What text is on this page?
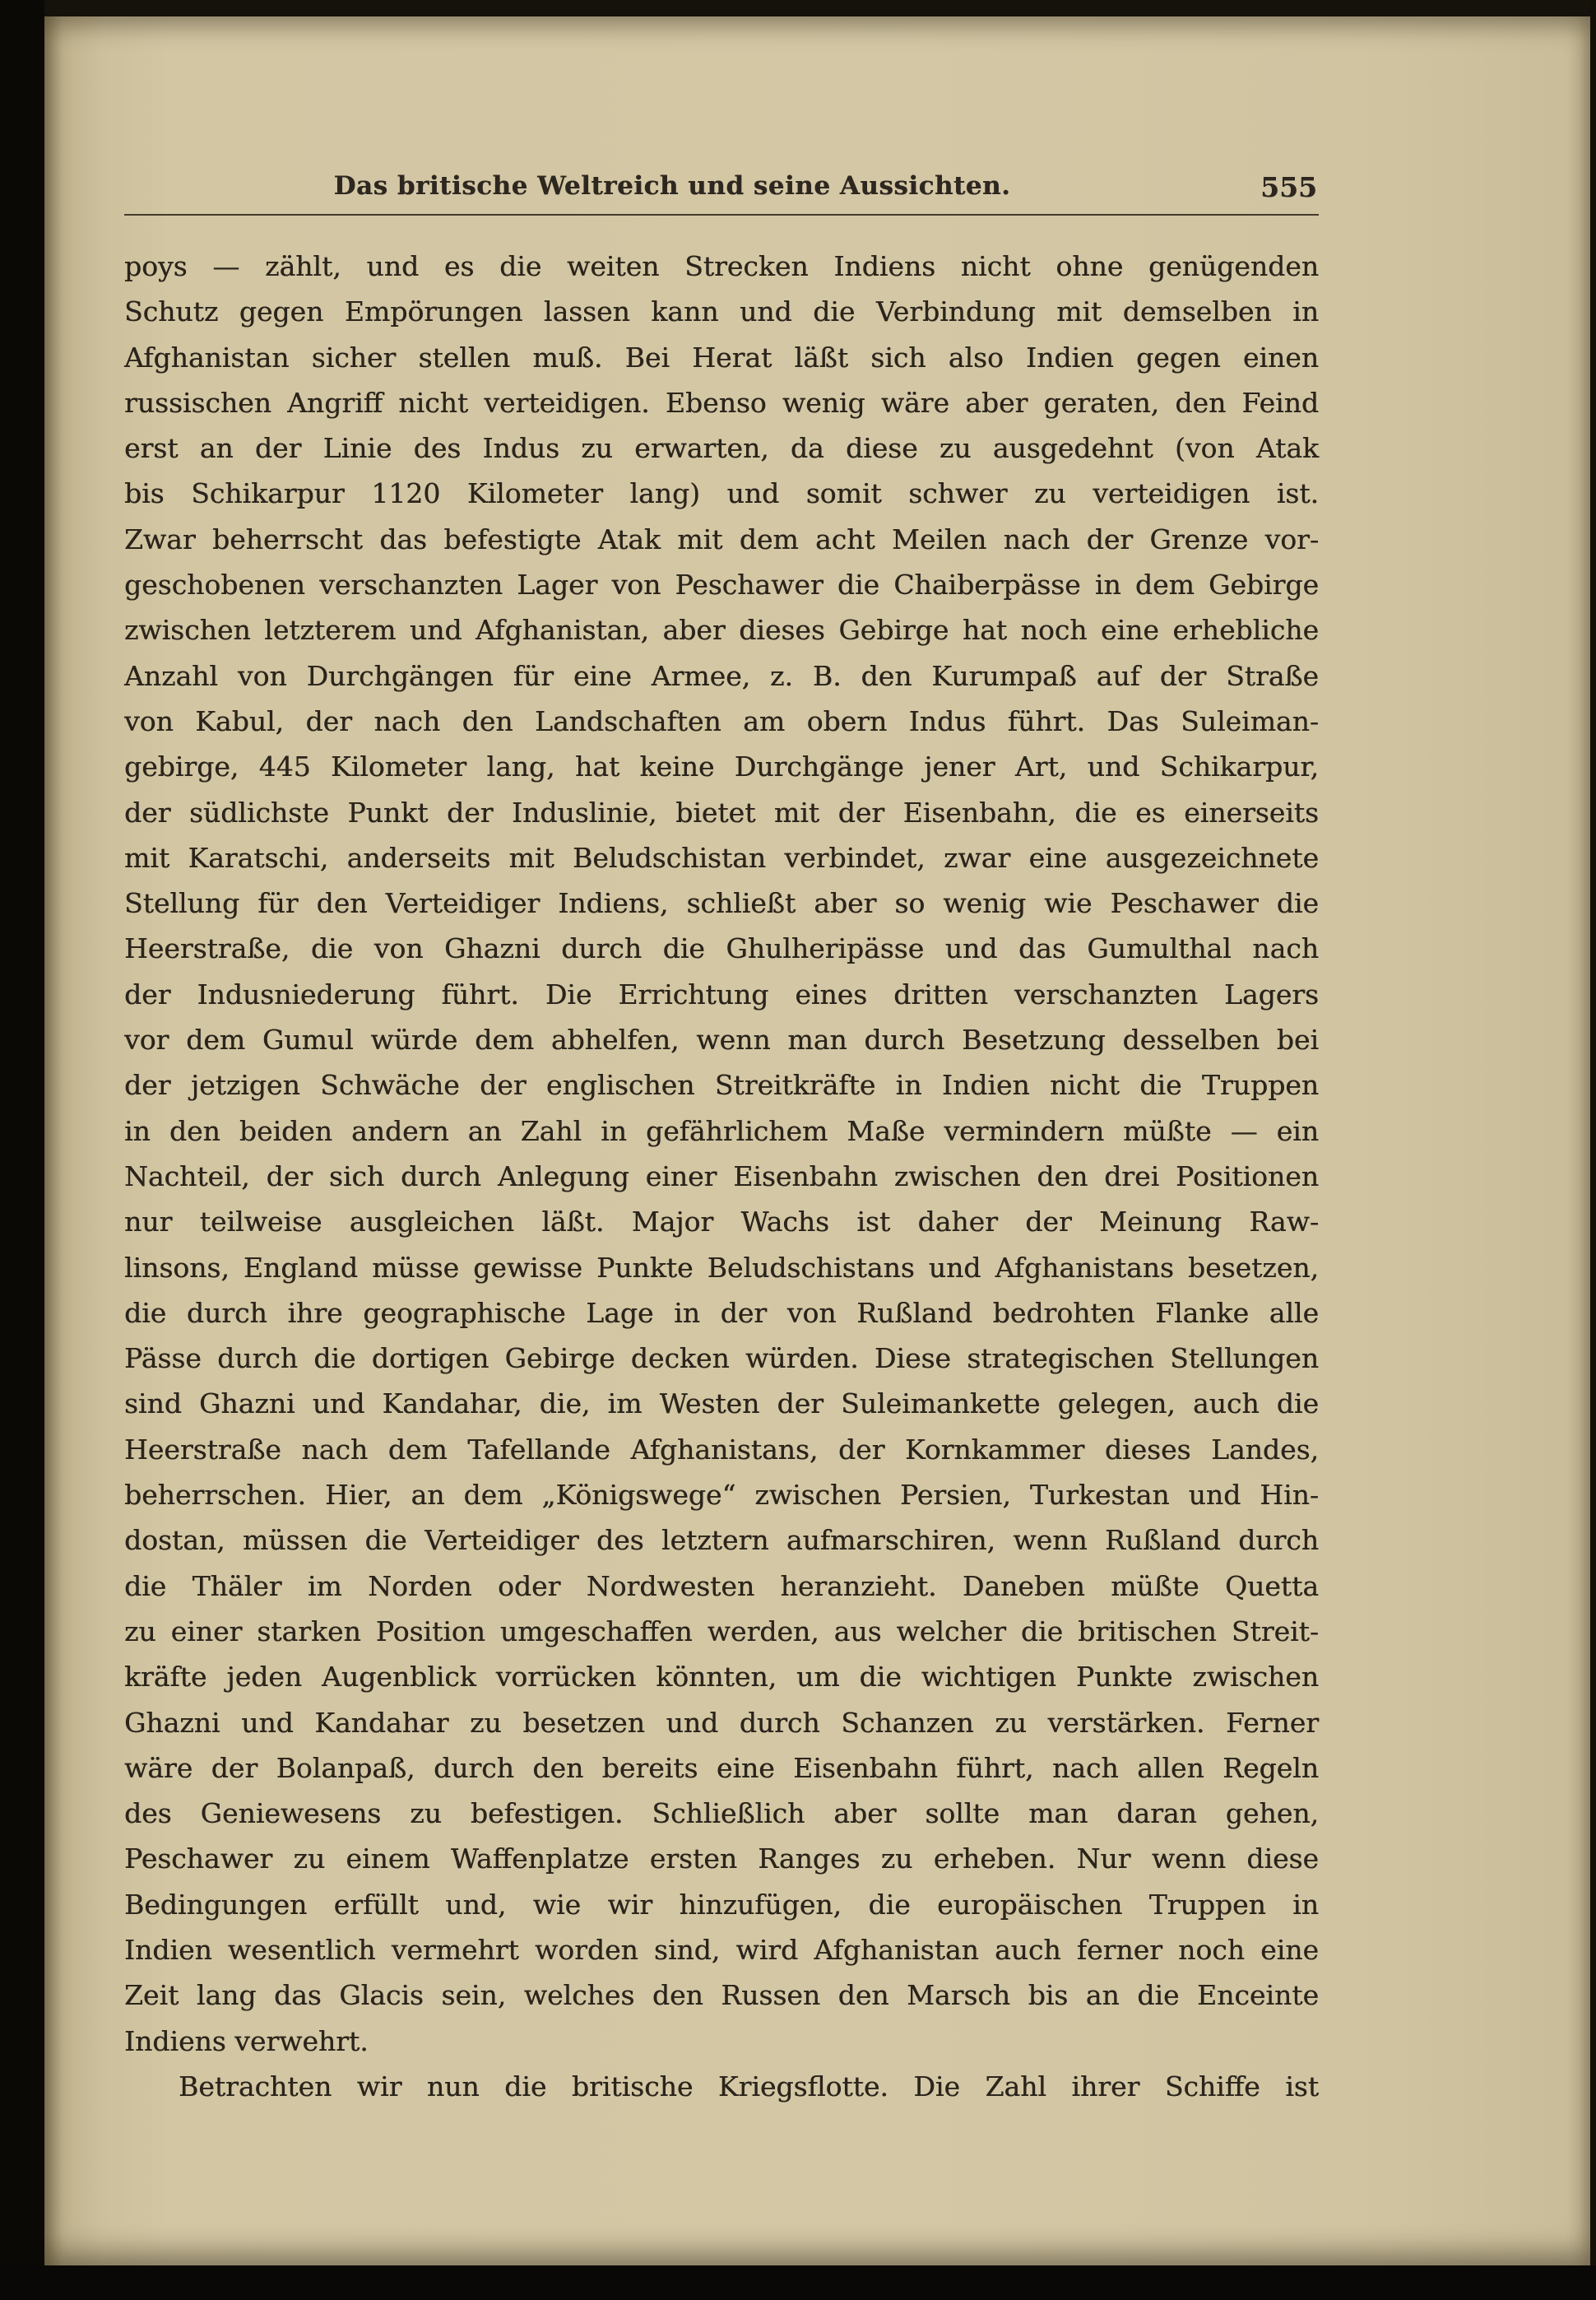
Das britische Weltreich und seine Aussichten.	555
poys — zählt, und es die weiten Strecken Indiens nicht ohne genügenden
Schutz gegen Empörungen lassen kann und die Verbindung mit demselben in
Afghanistan sicher stellen muß. Bei Herat läßt sich also Indien gegen einen
russischen Angriff nicht verteidigen. Ebenso wenig wäre aber geraten, den Feind
erst an der Linie des Indus zu erwarten, da diese zu ausgedehnt (von Atak
bis Schikarpur 1120 Kilometer lang) und somit schwer zu verteidigen ist.
Zwar beherrscht das befestigte Atak mit dem acht Meilen nach der Grenze vor-
geschobenen verschanzten Lager von Peschawer die Chaiberpässe in dem Gebirge
zwischen letzterem und Afghanistan, aber dieses Gebirge hat noch eine erhebliche
Anzahl von Durchgängen für eine Armee, z. B. den Kurumpaß auf der Straße
von Kabul, der nach den Landschaften am obern Indus führt. Das Suleiman-
gebirge, 445 Kilometer lang, hat keine Durchgänge jener Art, und Schikarpur,
der südlichste Punkt der Induslinie, bietet mit der Eisenbahn, die es einerseits
mit Karatschi, anderseits mit Beludschistan verbindet, zwar eine ausgezeichnete
Stellung für den Verteidiger Indiens, schließt aber so wenig wie Peschawer die
Heerstraße, die von Ghazni durch die Ghulheripässe und das Gumulthal nach
der Indusniederung führt. Die Errichtung eines dritten verschanzten Lagers
vor dem Gumul würde dem abhelfen, wenn man durch Besetzung desselben bei
der jetzigen Schwäche der englischen Streitkräfte in Indien nicht die Truppen
in den beiden andern an Zahl in gefährlichem Maße vermindern müßte — ein
Nachteil, der sich durch Anlegung einer Eisenbahn zwischen den drei Positionen
nur teilweise ausgleichen läßt. Major Wachs ist daher der Meinung Raw-
linsons, England müsse gewisse Punkte Beludschistans und Afghanistans besetzen,
die durch ihre geographische Lage in der von Rußland bedrohten Flanke alle
Pässe durch die dortigen Gebirge decken würden. Diese strategischen Stellungen
sind Ghazni und Kandahar, die, im Westen der Suleimankette gelegen, auch die
Heerstraße nach dem Tafellande Afghanistans, der Kornkammer dieses Landes,
beherrschen. Hier, an dem „Königswege“ zwischen Persien, Turkestan und Hin-
dostan, müssen die Verteidiger des letztern aufmarschiren, wenn Rußland durch
die Thäler im Norden oder Nordwesten heranzieht. Daneben müßte Quetta
zu einer starken Position umgeschaffen werden, aus welcher die britischen Streit-
kräfte jeden Augenblick vorrücken könnten, um die wichtigen Punkte zwischen
Ghazni und Kandahar zu besetzen und durch Schanzen zu verstärken. Ferner
wäre der Bolanpaß, durch den bereits eine Eisenbahn führt, nach allen Regeln
des Geniewesens zu befestigen. Schließlich aber sollte man daran gehen,
Peschawer zu einem Waffenplatze ersten Ranges zu erheben. Nur wenn diese
Bedingungen erfüllt und, wie wir hinzufügen, die europäischen Truppen in
Indien wesentlich vermehrt worden sind, wird Afghanistan auch ferner noch eine
Zeit lang das Glacis sein, welches den Russen den Marsch bis an die Enceinte
Indiens verwehrt.
Betrachten wir nun die britische Kriegsflotte. Die Zahl ihrer Schiffe ist
